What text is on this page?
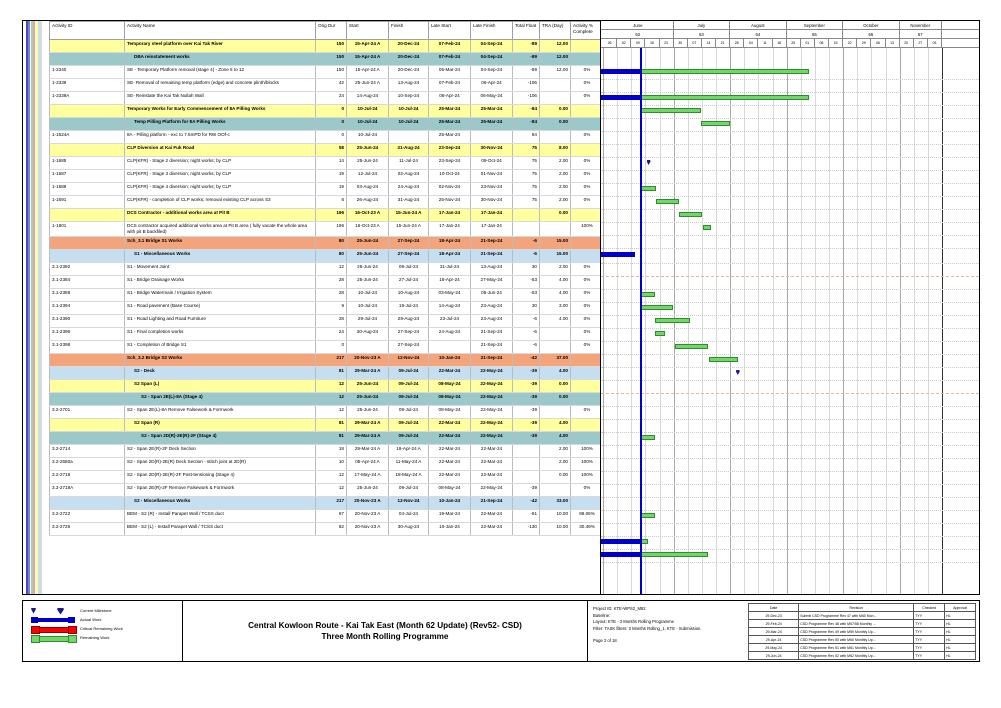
	Activity ID	Activity Name	Orig Dur	Start	Finish	Late Start	Late Finish	Total Float	TRA (Day)	Activity % Complete				
		Temporary steel platform over Kai Tak River	150	15-Apr-24 A	20-Dec-24	07-Feb-24	04-Sep-24	-89	12.00					
		DBA reinstatement works	150	15-Apr-24 A	20-Dec-24	07-Feb-24	04-Sep-24	-89	12.00					
	1-2340	SE - Temporary Platform removal (stage 4) - Zone 5 to 12	150	15-Apr-24 A	20-Dec-24	05-Mar-24	04-Sep-24	-89	12.00	0%				
	1-2339	SE- Removal of remaining temp platform (edge) and concrete plinth/blocks	42	25-Jun-24 A	13-Aug-24	07-Feb-24	06-Apr-24	-106		0%				
	1-2339A	SE- Reinstate the Kai Tak Nullah Wall	24	14-Aug-24	10-Sep-24	08-Apr-24	06-May-24	-106		0%				
		Temporary Works for Early Commencement of 8A Pilling Works	0	10-Jul-24	10-Jul-24	25-Mar-24	25-Mar-24	-84	0.00					
		Temp Pilling Platform for 8A Pilling Works	0	10-Jul-24	10-Jul-24	25-Mar-24	25-Mar-24	-84	0.00					
	1-1624A	8A - Pilling platform - exc to 7.5mPD for RW OOf-c	0	10-Jul-24		25-Mar-24		84		0%				
		CLP Diversion at Kai Fuk Road	58	25-Jun-24	31-Aug-24	23-Sep-24	30-Nov-24	75	8.00					
	1-1685	CLP(KFR) - Stage 2 diversion; night works; by CLP	14	25-Jun-24	11-Jul-24	23-Sep-24	09-Oct-24	75	2.00	0%				
	1-1687	CLP(KFR) - Stage 3 diversion; night works; by CLP	19	12-Jul-24	02-Aug-24	10-Oct-24	01-Nov-24	75	2.00	0%				
	1-1689	CLP(KFR) - Stage 4 diversion; night works; by CLP	19	03-Aug-24	24-Aug-24	02-Nov-24	23-Nov-24	75	2.00	0%				
	1-1691	CLP(KFR) - completion of CLP works; removal existing CLP across S3	6	26-Aug-24	31-Aug-24	25-Nov-24	30-Nov-24	75	2.00	0%				
		DCS Contractor - additional works area at Pit B	196	16-Oct-23 A	15-Jun-24 A	17-Jan-24	17-Jan-24		0.00					
	1-1801	DCS contractor acquired additional works area at Pit B area ( fully vacate the whole area with pit B backfiled)	196	16-Oct-23 A	15-Jun-24 A	17-Jan-24	17-Jan-24			100%				
		Sch_3.1 Bridge S1 Works	80	25-Jun-24	27-Sep-24	18-Apr-24	21-Sep-24	-6	15.00					
		S1 - Miscellaneous Works	80	25-Jun-24	27-Sep-24	18-Apr-24	21-Sep-24	-6	15.00					
	3.1-2392	S1 - Movement Joint	12	25-Jun-24	09-Jul-24	31-Jul-24	13-Aug-24	30	2.00	0%				
	3.1-2384	S1 - Bridge Drainage Works	28	25-Jun-24	27-Jul-24	18-Apr-24	27-May-24	-53	4.00	0%				
	3.1-2388	S1 - Bridge Watermain / Irrigation System	28	10-Jul-24	10-Aug-24	03-May-24	05-Jun-24	-53	4.00	0%				
	3.1-2394	S1 - Road pavement (Base Course)	9	10-Jul-24	19-Jul-24	14-Aug-24	23-Aug-24	30	3.00	0%				
	3.1-2390	S1 - Road Lighting and Road Furniture	28	29-Jul-24	29-Aug-24	23-Jul-24	23-Aug-24	-6	4.00	0%				
	3.1-2396	S1 - Final completion works	24	30-Aug-24	27-Sep-24	24-Aug-24	21-Sep-24	-6		0%				
	3.1-2398	S1 - Completion of Bridge S1	0		27-Sep-24		21-Sep-24	-6		0%				
		Sch_3.2 Bridge S2 Works	217	20-Nov-23 A	12-Nov-24	10-Jan-24	21-Sep-24	-42	37.00					
		S2 - Deck	81	29-Mar-24 A	09-Jul-24	22-Mar-24	22-May-24	-39	4.00					
		S2 Span (L)	12	25-Jun-24	09-Jul-24	08-May-24	22-May-24	-39	0.00					
		S2 - Span 2E(L)-8A (Stage 4)	12	25-Jun-24	09-Jul-24	08-May-24	22-May-24	-39	0.00					
	3.2-2701	S2 - Span 2E(L)-8A Remove Falsework & Formwork	12	25-Jun-24	09-Jul-24	08-May-24	22-May-24	-39		0%				
		S2 Span (R)	81	29-Mar-24 A	09-Jul-24	22-Mar-24	22-May-24	-39	4.00					
		S2 - Span 2D(R)-2E(R)-2F (Stage 4)	81	29-Mar-24 A	09-Jul-24	22-Mar-24	22-May-24	-39	4.00					
	3.2-2714	S2 - Span 2E(R)-2F Deck Section	18	29-Mar-24 A	19-Apr-24 A	22-Mar-24	22-Mar-24		2.00	100%				
	3.2-2680a	S2 - Span 2D(R)-2E(R) Deck Section - stitch joint at 2D(R)	10	05-Apr-24 A	11-May-24 A	22-Mar-24	22-Mar-24		2.00	100%				
	3.2-2718	S2 - Span 2D(R)-2E(R)-2F Post-tensioning (Stage 4)	12	17-May-24 A	18-May-24 A	22-Mar-24	22-Mar-24		0.00	100%				
	3.2-2718A	S2 - Span 2E(R)-2F Remove Falsework & Formwork	12	25-Jun-24	09-Jul-24	08-May-24	22-May-24	-39		0%				
		S2 - Miscellaneous Works	217	20-Nov-23 A	12-Nov-24	10-Jan-24	21-Sep-24	-42	33.00					
	3.2-2722	BEM - S2 (R) - Install Parapet Wall / TCSS duct	67	20-Nov-23 A	04-Jul-24	19-Mar-24	22-Mar-24	-61	10.00	88.06%				
	3.2-2726	BEM - S2 (L) - Install Parapet Wall / TCSS duct	82	20-Nov-23 A	30-Aug-24	10-Jan-24	22-Mar-24	-130	10.00	30.49%				
June	July	August	September	October	November
62	63	64	65	66	67
26	02	09	16	23	30	07	14	21	28	04	11	18	25	01	08	15	22	29	06	13	20	27	03
Current Milestone
Actual Work
Critical Remaining Work
Remaining Work
Central Kowloon Route - Kai Tak East (Month 62 Update) (Rev52- CSD)
Three Month Rolling Programme
Project ID: KTE-WPS2_M62
Baseline:
Layout: KTE - 3 Months Rolling Programme
Filter: TASK filters: 3 Months Rolling_1, KTE - Submission.
Page 2 of 18
Date	Revision	Checked	Approval
29-Dec-23	Submit CSD Programme Rev 47 with M60 Mon...	TYY	HL
29-Feb-24	CSD Programme Rev 48 with M57/58 Monthly ...	TYY	HL
29-Mar-24	CSD Programme Rev 49 with M59 Monthly Up...	TYY	HL
29-Apr-24	CSD Programme Rev 50 with M60 Monthly Up...	TYY	HL
29-May-24	CSD Programme Rev 51 with M61 Monthly Up...	TYY	HL
29-Jun-24	CSD Programme Rev 52 with M62 Monthly Up...	TYY	HL
